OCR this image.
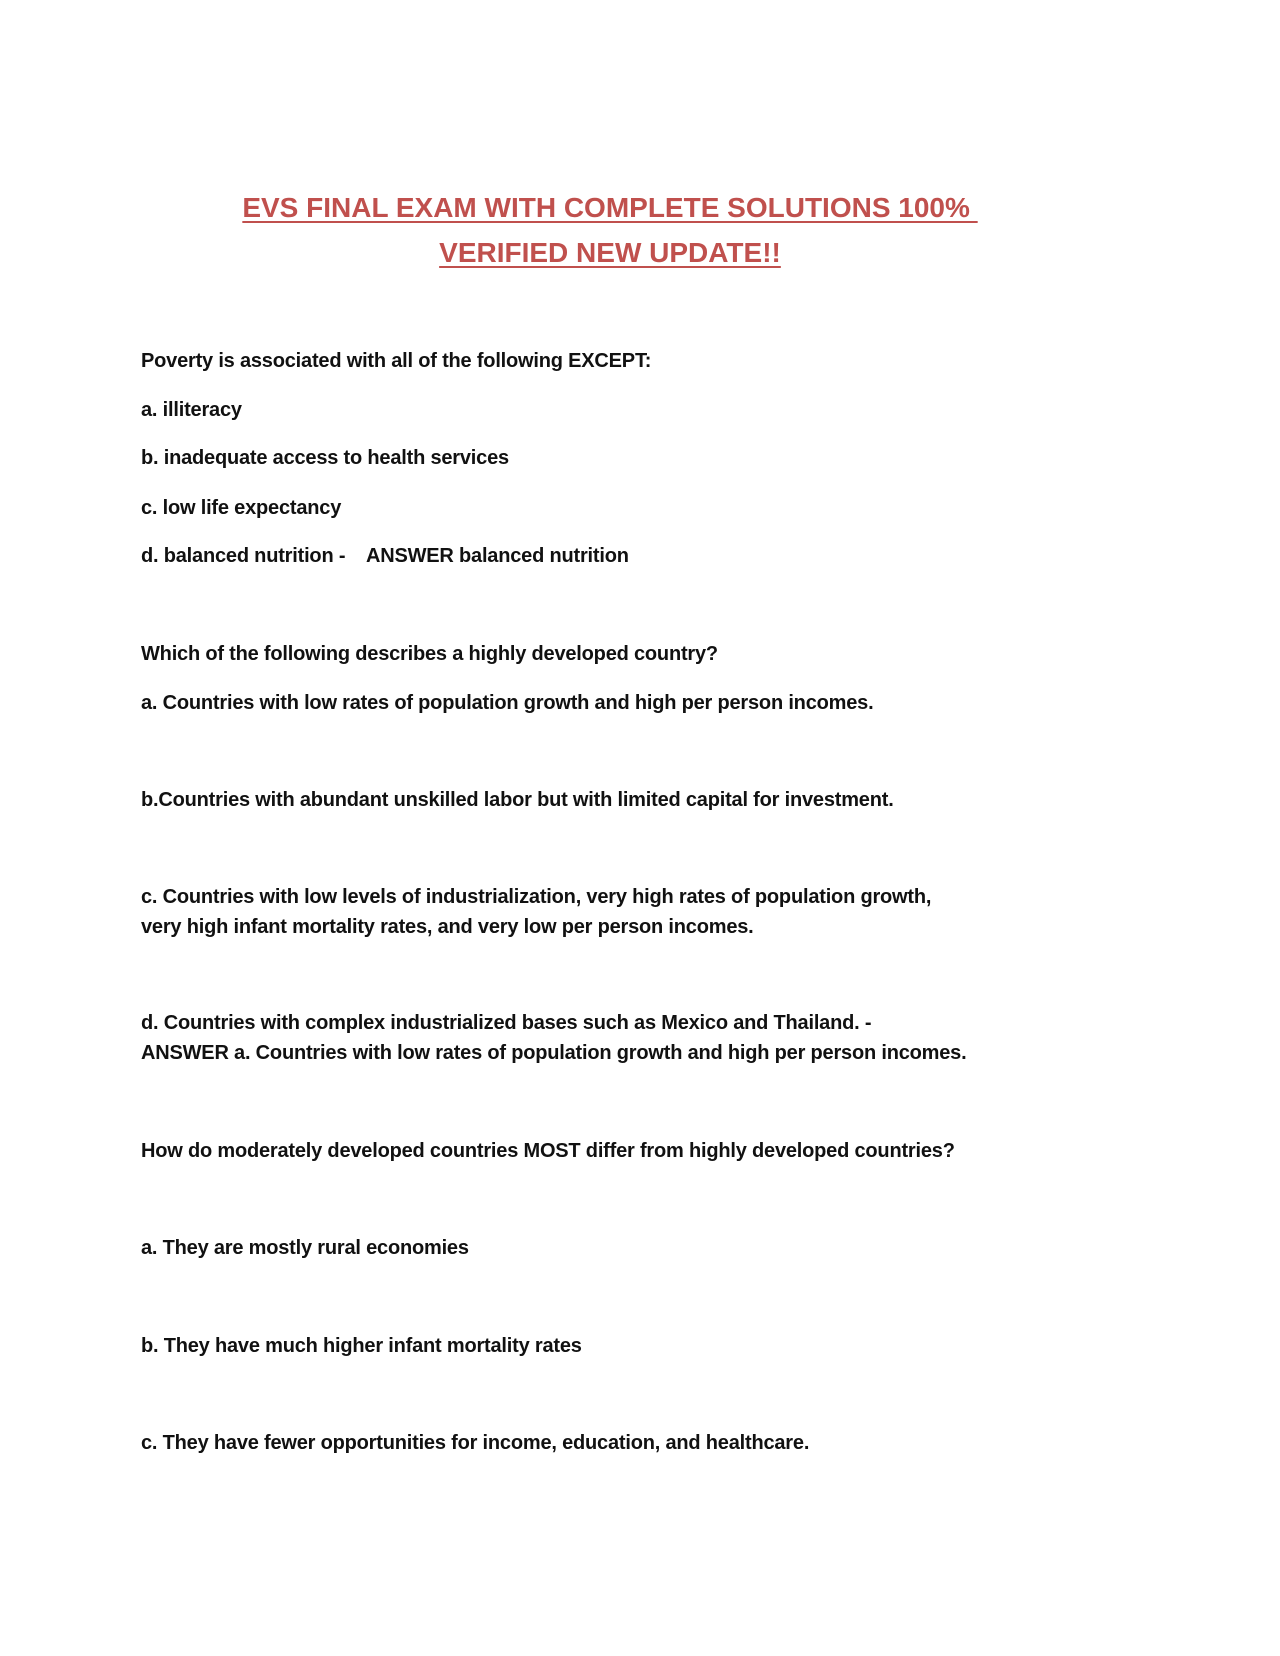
EVS FINAL EXAM WITH COMPLETE SOLUTIONS 100%
VERIFIED NEW UPDATE!!
Poverty is associated with all of the following EXCEPT:
a. illiteracy
b. inadequate access to health services
c. low life expectancy
d. balanced nutrition -    ANSWER balanced nutrition
Which of the following describes a highly developed country?
a. Countries with low rates of population growth and high per person incomes.
b.Countries with abundant unskilled labor but with limited capital for investment.
c. Countries with low levels of industrialization, very high rates of population growth,
very high infant mortality rates, and very low per person incomes.
d. Countries with complex industrialized bases such as Mexico and Thailand. -
ANSWER a. Countries with low rates of population growth and high per person incomes.
How do moderately developed countries MOST differ from highly developed countries?
a. They are mostly rural economies
b. They have much higher infant mortality rates
c. They have fewer opportunities for income, education, and healthcare.
